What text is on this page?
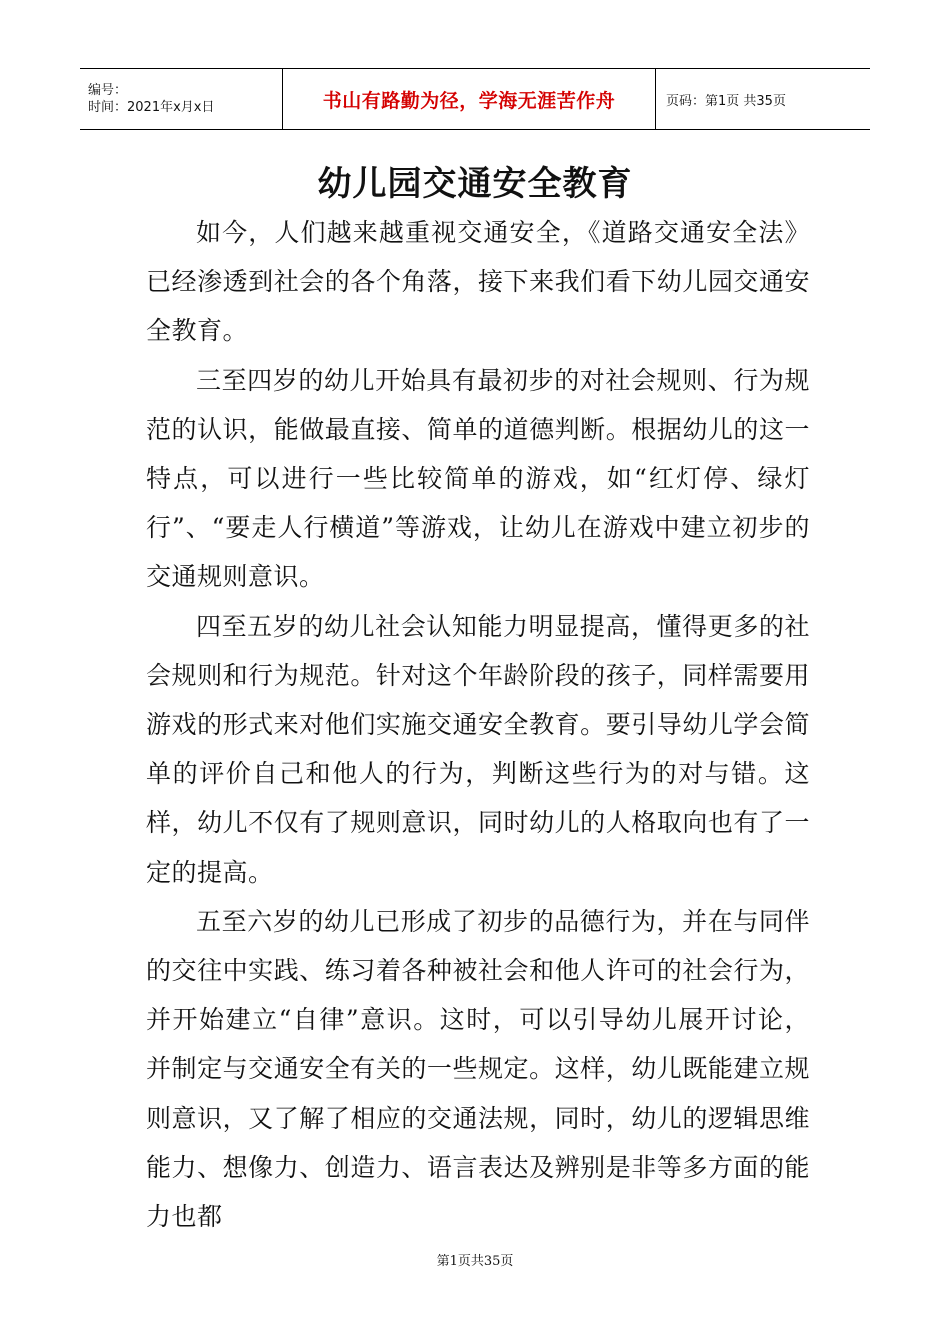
编号：
时间：2021年x月x日	书山有路勤为径，学海无涯苦作舟	页码：第1页 共35页
幼儿园交通安全教育

如今，人们越来越重视交通安全，《道路交通安全法》已经渗透到社会的各个角落，接下来我们看下幼儿园交通安全教育。

三至四岁的幼儿开始具有最初步的对社会规则、行为规范的认识，能做最直接、简单的道德判断。根据幼儿的这一特点，可以进行一些比较简单的游戏，如“红灯停、绿灯行”、“要走人行横道”等游戏，让幼儿在游戏中建立初步的交通规则意识。

四至五岁的幼儿社会认知能力明显提高，懂得更多的社会规则和行为规范。针对这个年龄阶段的孩子，同样需要用游戏的形式来对他们实施交通安全教育。要引导幼儿学会简单的评价自己和他人的行为，判断这些行为的对与错。这样，幼儿不仅有了规则意识，同时幼儿的人格取向也有了一定的提高。

五至六岁的幼儿已形成了初步的品德行为，并在与同伴的交往中实践、练习着各种被社会和他人许可的社会行为，并开始建立“自律”意识。这时，可以引导幼儿展开讨论，并制定与交通安全有关的一些规定。这样，幼儿既能建立规则意识，又了解了相应的交通法规，同时，幼儿的逻辑思维能力、想像力、创造力、语言表达及辨别是非等多方面的能力也都

第1页共35页
